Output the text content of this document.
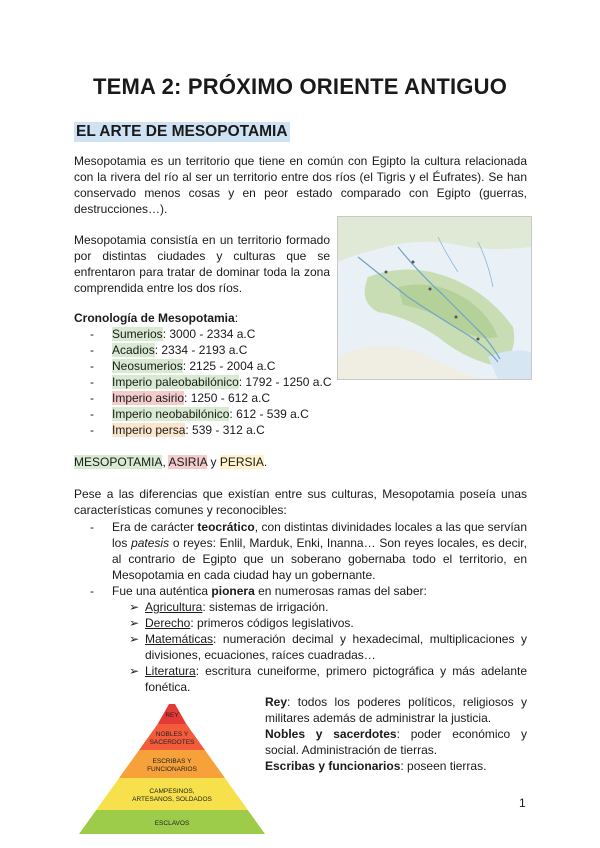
TEMA 2: PRÓXIMO ORIENTE ANTIGUO
EL ARTE DE MESOPOTAMIA
Mesopotamia es un territorio que tiene en común con Egipto la cultura relacionada con la rivera del río al ser un territorio entre dos ríos (el Tigris y el Éufrates). Se han conservado menos cosas y en peor estado comparado con Egipto (guerras, destrucciones…).
Mesopotamia consistía en un territorio formado por distintas ciudades y culturas que se enfrentaron para tratar de dominar toda la zona comprendida entre los dos ríos.
Cronología de Mesopotamia:
- Sumerios: 3000 - 2334 a.C
- Acadios: 2334 - 2193 a.C
- Neosumerios: 2125 - 2004 a.C
- Imperio paleobabilónico: 1792 - 1250 a.C
- Imperio asirio: 1250 - 612 a.C
- Imperio neobabilónico: 612 - 539 a.C
- Imperio persa: 539 - 312 a.C
MESOPOTAMIA, ASIRIA y PERSIA.
Pese a las diferencias que existían entre sus culturas, Mesopotamia poseía unas características comunes y reconocibles:
- Era de carácter teocrático, con distintas divinidades locales a las que servían los patesis o reyes: Enlil, Marduk, Enki, Inanna… Son reyes locales, es decir, al contrario de Egipto que un soberano gobernaba todo el territorio, en Mesopotamia en cada ciudad hay un gobernante.
- Fue una auténtica pionera en numerosas ramas del saber:
➢ Agricultura: sistemas de irrigación.
➢ Derecho: primeros códigos legislativos.
➢ Matemáticas: numeración decimal y hexadecimal, multiplicaciones y divisiones, ecuaciones, raíces cuadradas…
➢ Literatura: escritura cuneiforme, primero pictográfica y más adelante fonética.
Rey: todos los poderes políticos, religiosos y militares además de administrar la justicia.
Nobles y sacerdotes: poder económico y social. Administración de tierras.
Escribas y funcionarios: poseen tierras.
REY
NOBLES Y
SACERDOTES
ESCRIBAS Y
FUNCIONARIOS
CAMPESINOS,
ARTESANOS, SOLDADOS
ESCLAVOS
1
